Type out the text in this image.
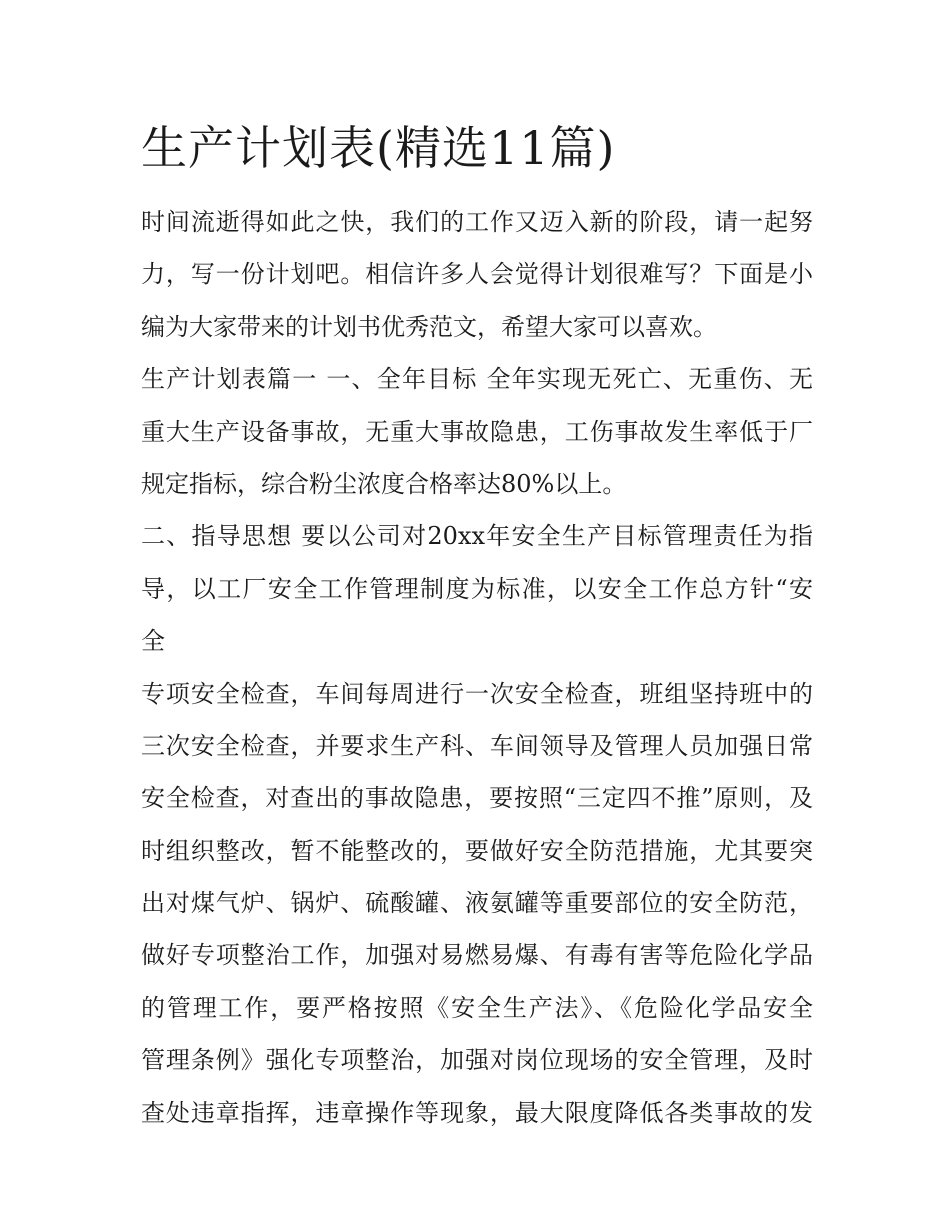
生产计划表(精选11篇)
时间流逝得如此之快，我们的工作又迈入新的阶段，请一起努
力，写一份计划吧。相信许多人会觉得计划很难写？下面是小
编为大家带来的计划书优秀范文，希望大家可以喜欢。
生产计划表篇一 一、全年目标 全年实现无死亡、无重伤、无
重大生产设备事故，无重大事故隐患，工伤事故发生率低于厂
规定指标，综合粉尘浓度合格率达80%以上。
二、指导思想 要以公司对20xx年安全生产目标管理责任为指
导，以工厂安全工作管理制度为标准，以安全工作总方针“安
全
专项安全检查，车间每周进行一次安全检查，班组坚持班中的
三次安全检查，并要求生产科、车间领导及管理人员加强日常
安全检查，对查出的事故隐患，要按照“三定四不推”原则，及
时组织整改，暂不能整改的，要做好安全防范措施，尤其要突
出对煤气炉、锅炉、硫酸罐、液氨罐等重要部位的安全防范，
做好专项整治工作，加强对易燃易爆、有毒有害等危险化学品
的管理工作，要严格按照《安全生产法》、《危险化学品安全
管理条例》强化专项整治，加强对岗位现场的安全管理，及时
查处违章指挥，违章操作等现象，最大限度降低各类事故的发
